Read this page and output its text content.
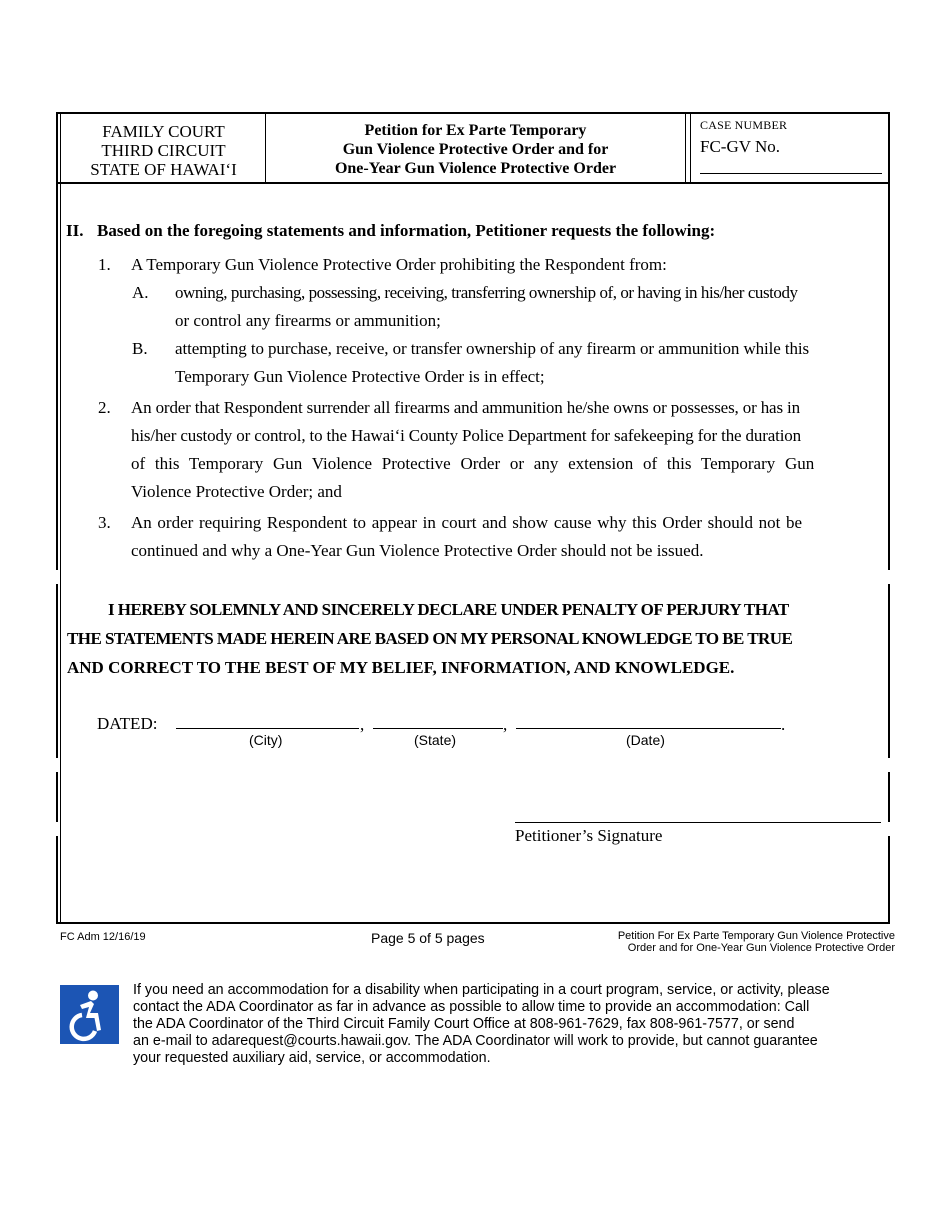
FAMILY COURT
THIRD CIRCUIT
STATE OF HAWAI‘I
Petition for Ex Parte Temporary
Gun Violence Protective Order and for
One-Year Gun Violence Protective Order
CASE NUMBER
FC-GV No.
II. Based on the foregoing statements and information, Petitioner requests the following:
1. A Temporary Gun Violence Protective Order prohibiting the Respondent from:
A. owning, purchasing, possessing, receiving, transferring ownership of, or having in his/her custody
or control any firearms or ammunition;
B. attempting to purchase, receive, or transfer ownership of any firearm or ammunition while this
Temporary Gun Violence Protective Order is in effect;
2. An order that Respondent surrender all firearms and ammunition he/she owns or possesses, or has in
his/her custody or control, to the Hawai‘i County Police Department for safekeeping for the duration
of this Temporary Gun Violence Protective Order or any extension of this Temporary Gun
Violence Protective Order; and
3. An order requiring Respondent to appear in court and show cause why this Order should not be
continued and why a One-Year Gun Violence Protective Order should not be issued.
I HEREBY SOLEMNLY AND SINCERELY DECLARE UNDER PENALTY OF PERJURY THAT
THE STATEMENTS MADE HEREIN ARE BASED ON MY PERSONAL KNOWLEDGE TO BE TRUE
AND CORRECT TO THE BEST OF MY BELIEF, INFORMATION, AND KNOWLEDGE.
DATED:	,	,	.
(City)	(State)	(Date)
Petitioner’s Signature
FC Adm 12/16/19	Page 5 of 5 pages	Petition For Ex Parte Temporary Gun Violence Protective
Order and for One-Year Gun Violence Protective Order
If you need an accommodation for a disability when participating in a court program, service, or activity, please
contact the ADA Coordinator as far in advance as possible to allow time to provide an accommodation: Call
the ADA Coordinator of the Third Circuit Family Court Office at 808-961-7629, fax 808-961-7577, or send
an e-mail to adarequest@courts.hawaii.gov. The ADA Coordinator will work to provide, but cannot guarantee
your requested auxiliary aid, service, or accommodation.
